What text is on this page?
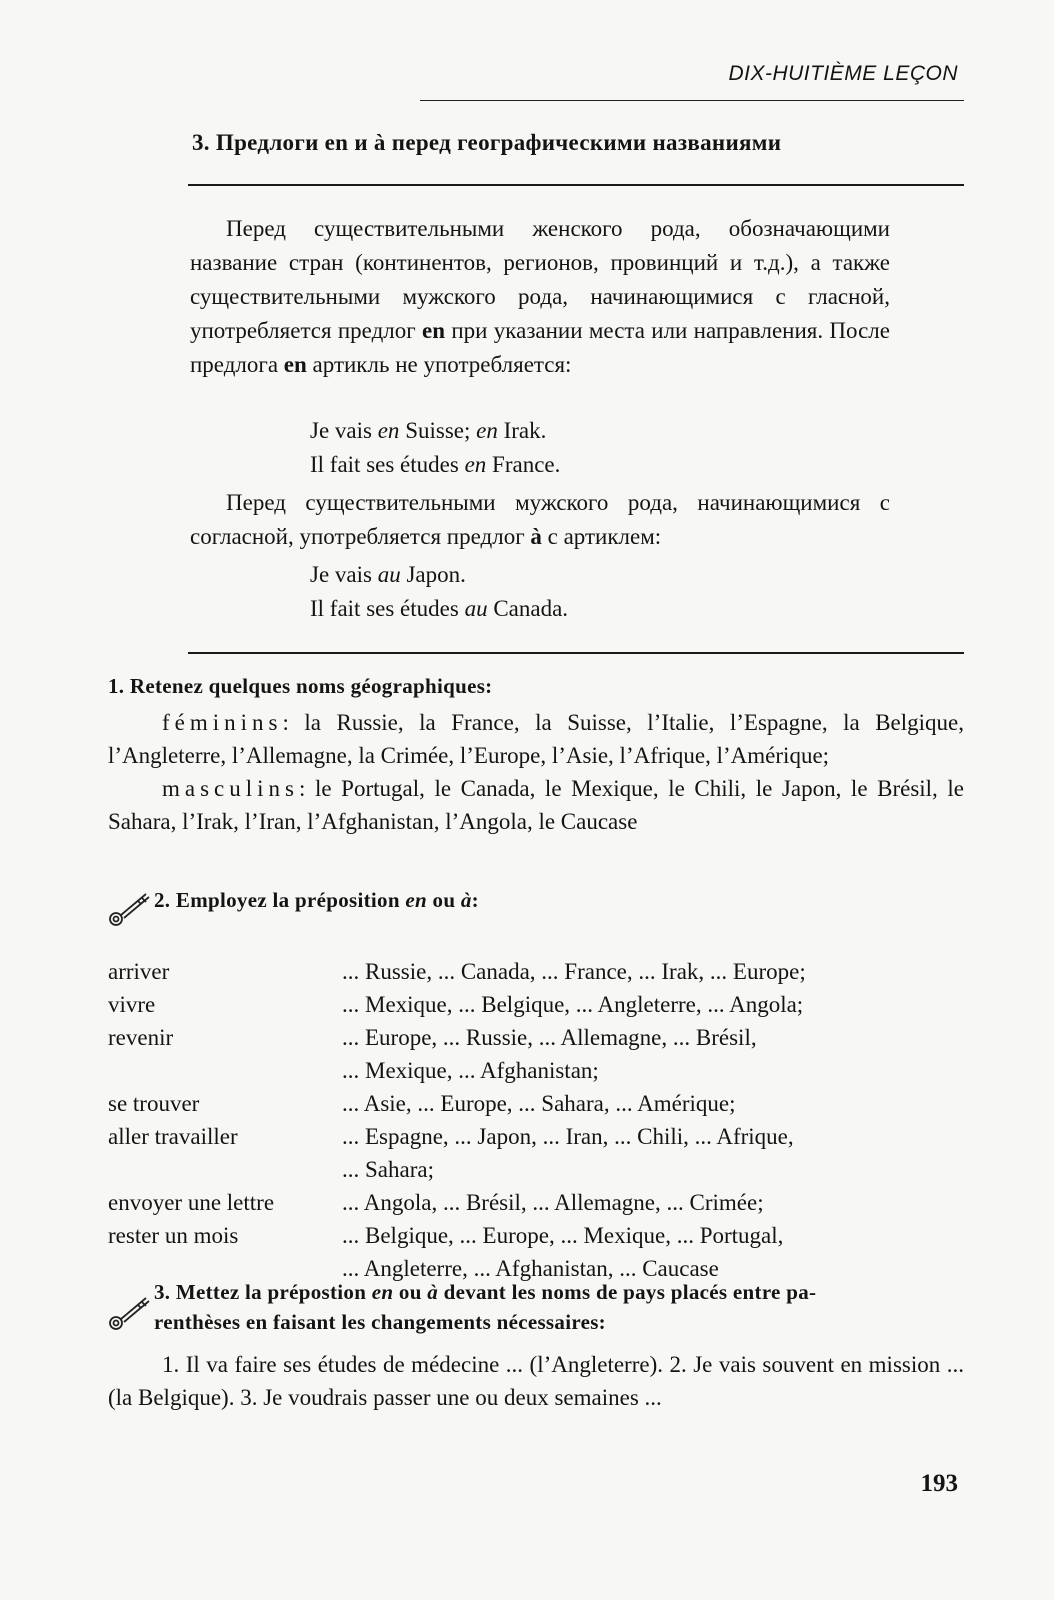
DIX-HUITIÈME LEÇON
3. Предлоги en и à перед географическими названиями

Перед существительными женского рода, обозначающими название стран (континентов, регионов, провинций и т.д.), а также существительными мужского рода, начинающимися с гласной, употребляется предлог en при указании места или направления. После предлога en артикль не употребляется:

Je vais en Suisse; en Irak.
Il fait ses études en France.

Перед существительными мужского рода, начинающимися с согласной, употребляется предлог à с артиклем:

Je vais au Japon.
Il fait ses études au Canada.
1. Retenez quelques noms géographiques:

féminins: la Russie, la France, la Suisse, l’Italie, l’Espagne, la Belgique, l’Angleterre, l’Allemagne, la Crimée, l’Europe, l’Asie, l’Afrique, l’Amérique;

masculins: le Portugal, le Canada, le Mexique, le Chili, le Japon, le Brésil, le Sahara, l’Irak, l’Iran, l’Afghanistan, l’Angola, le Caucase

2. Employez la préposition en ou à:
arriver	... Russie, ... Canada, ... France, ... Irak, ... Europe;
vivre	... Mexique, ... Belgique, ... Angleterre, ... Angola;
revenir	... Europe, ... Russie, ... Allemagne, ... Brésil,
... Mexique, ... Afghanistan;
se trouver	... Asie, ... Europe, ... Sahara, ... Amérique;
aller travailler	... Espagne, ... Japon, ... Iran, ... Chili, ... Afrique,
... Sahara;
envoyer une lettre	... Angola, ... Brésil, ... Allemagne, ... Crimée;
rester un mois	... Belgique, ... Europe, ... Mexique, ... Portugal,
... Angleterre, ... Afghanistan, ... Caucase
3. Mettez la prépostion en ou à devant les noms de pays placés entre pa-
renthèses en faisant les changements nécessaires:

1. Il va faire ses études de médecine ... (l’Angleterre). 2. Je vais souvent en mission ... (la Belgique). 3. Je voudrais passer une ou deux semaines ...

193
